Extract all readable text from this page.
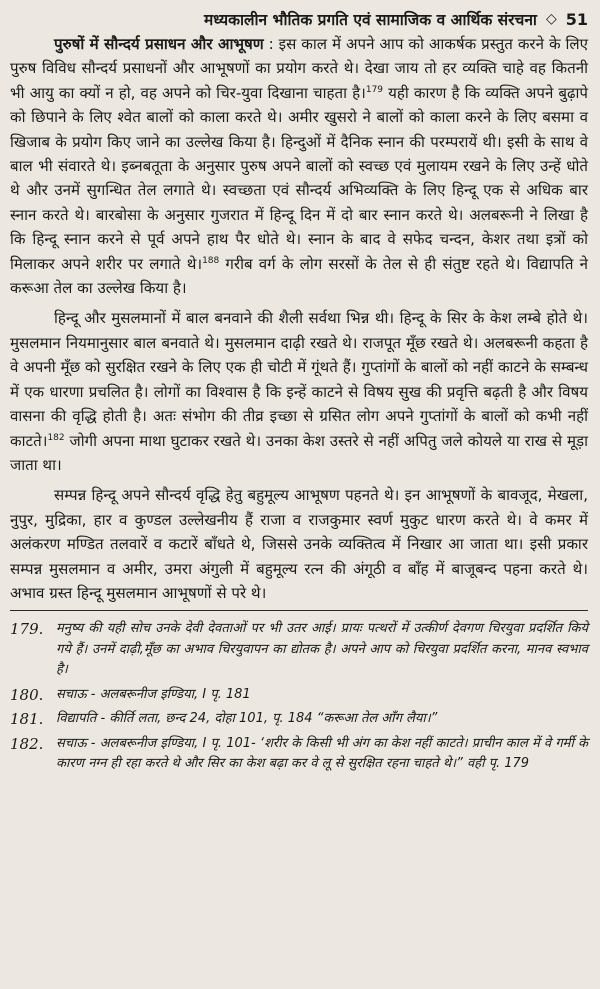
मध्यकालीन भौतिक प्रगति एवं सामाजिक व आर्थिक संरचना ◇ 51

पुरुषों में सौन्दर्य प्रसाधन और आभूषण : इस काल में अपने आप को आकर्षक प्रस्तुत करने के लिए पुरुष विविध सौन्दर्य प्रसाधनों और आभूषणों का प्रयोग करते थे। देखा जाय तो हर व्यक्ति चाहे वह कितनी भी आयु का क्यों न हो, वह अपने को चिर-युवा दिखाना चाहता है।$^{179}$ यही कारण है कि व्यक्ति अपने बुढ़ापे को छिपाने के लिए श्वेत बालों को काला करते थे। अमीर खुसरो ने बालों को काला करने के लिए बसमा व खिजाब के प्रयोग किए जाने का उल्लेख किया है। हिन्दुओं में दैनिक स्नान की परम्परायें थी। इसी के साथ वे बाल भी संवारते थे। इब्नबतूता के अनुसार पुरुष अपने बालों को स्वच्छ एवं मुलायम रखने के लिए उन्हें धोते थे और उनमें सुगन्धित तेल लगाते थे। स्वच्छता एवं सौन्दर्य अभिव्यक्ति के लिए हिन्दू एक से अधिक बार स्नान करते थे। बारबोसा के अनुसार गुजरात में हिन्दू दिन में दो बार स्नान करते थे। अलबरूनी ने लिखा है कि हिन्दू स्नान करने से पूर्व अपने हाथ पैर धोते थे। स्नान के बाद वे सफेद चन्दन, केशर तथा इत्रों को मिलाकर अपने शरीर पर लगाते थे।$^{188}$ गरीब वर्ग के लोग सरसों के तेल से ही संतुष्ट रहते थे। विद्यापति ने करूआ तेल का उल्लेख किया है।

हिन्दू और मुसलमानों में बाल बनवाने की शैली सर्वथा भिन्न थी। हिन्दू के सिर के केश लम्बे होते थे। मुसलमान नियमानुसार बाल बनवाते थे। मुसलमान दाढ़ी रखते थे। राजपूत मूँछ रखते थे। अलबरूनी कहता है वे अपनी मूँछ को सुरक्षित रखने के लिए एक ही चोटी में गूंथते हैं। गुप्तांगों के बालों को नहीं काटने के सम्बन्ध में एक धारणा प्रचलित है। लोगों का विश्वास है कि इन्हें काटने से विषय सुख की प्रवृत्ति बढ़ती है और विषय वासना की वृद्धि होती है। अतः संभोग की तीव्र इच्छा से ग्रसित लोग अपने गुप्तांगों के बालों को कभी नहीं काटते।$^{182}$ जोगी अपना माथा घुटाकर रखते थे। उनका केश उस्तरे से नहीं अपितु जले कोयले या राख से मूड़ा जाता था।

सम्पन्न हिन्दू अपने सौन्दर्य वृद्धि हेतु बहुमूल्य आभूषण पहनते थे। इन आभूषणों के बावजूद, मेखला, नुपुर, मुद्रिका, हार व कुण्डल उल्लेखनीय हैं राजा व राजकुमार स्वर्ण मुकुट धारण करते थे। वे कमर में अलंकरण मण्डित तलवारें व कटारें बाँधते थे, जिससे उनके व्यक्तित्व में निखार आ जाता था। इसी प्रकार सम्पन्न मुसलमान व अमीर, उमरा अंगुली में बहुमूल्य रत्न की अंगूठी व बाँह में बाजूबन्द पहना करते थे। अभाव ग्रस्त हिन्दू मुसलमान आभूषणों से परे थे।

179. मनुष्य की यही सोच उनके देवी देवताओं पर भी उतर आई। प्रायः पत्थरों में उत्कीर्ण देवगण चिरयुवा प्रदर्शित किये गये हैं। उनमें दाढ़ी,मूँछ का अभाव चिरयुवापन का द्योतक है। अपने आप को चिरयुवा प्रदर्शित करना, मानव स्वभाव है।
180. सचाऊ - अलबरूनीज इण्डिया, I पृ. 181
181. विद्यापति - कीर्ति लता, छन्द 24, दोहा 101, पृ. 184 “करूआ तेल आँग लैया।”
182. सचाऊ - अलबरूनीज इण्डिया, I पृ. 101- ‘शरीर के किसी भी अंग का केश नहीं काटते। प्राचीन काल में वे गर्मी के कारण नग्न ही रहा करते थे और सिर का केश बढ़ा कर वे लू से सुरक्षित रहना चाहते थे।” वही पृ. 179
